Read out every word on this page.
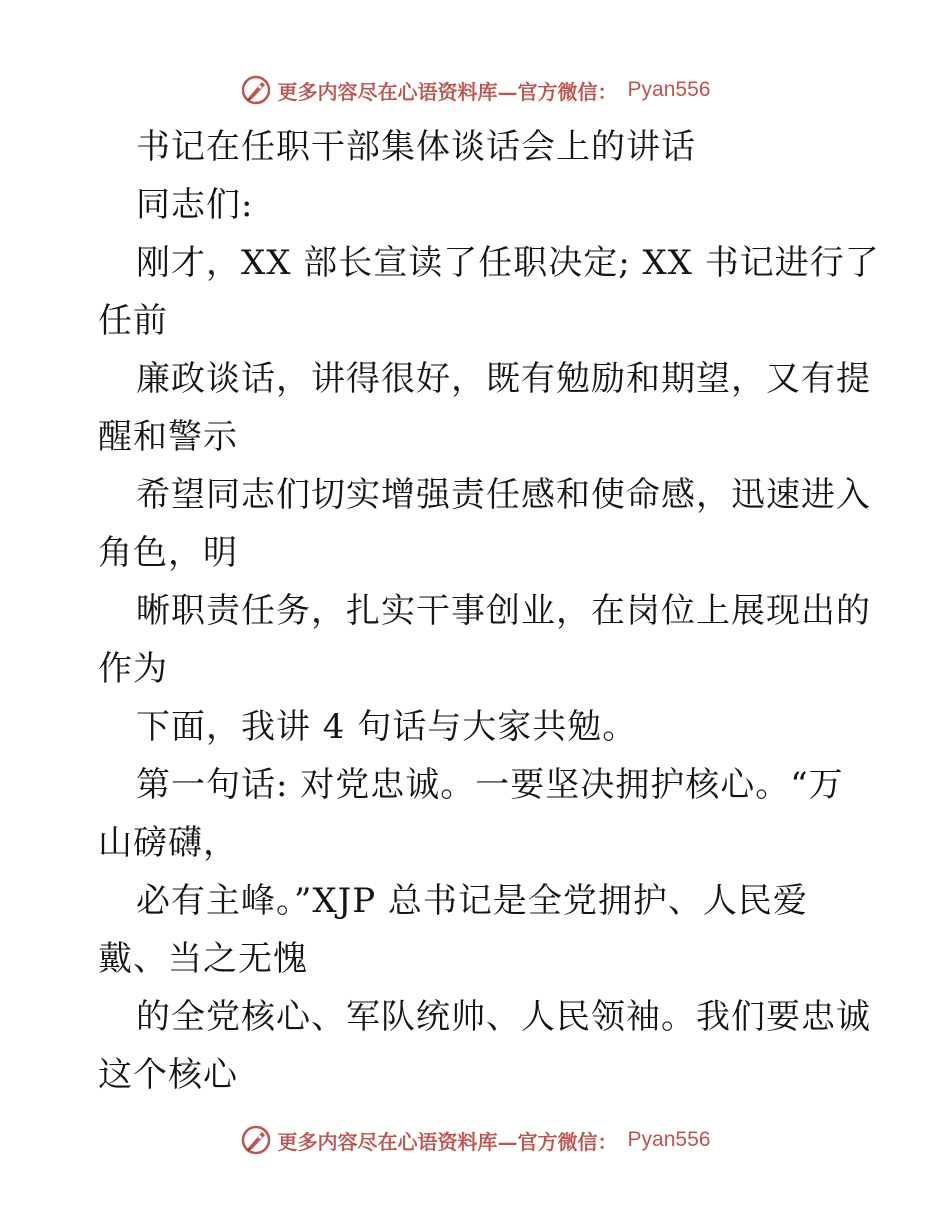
更多内容尽在心语资料库—官方微信： Pyan556
书记在任职干部集体谈话会上的讲话
同志们:
刚才，XX 部长宣读了任职决定; XX 书记进行了
任前
廉政谈话，讲得很好，既有勉励和期望，又有提
醒和警示
希望同志们切实增强责任感和使命感，迅速进入
角色，明
晰职责任务，扎实干事创业，在岗位上展现出的
作为
下面，我讲 4 句话与大家共勉。
第一句话: 对党忠诚。一要坚决拥护核心。“万
山磅礴，
必有主峰。”XJP 总书记是全党拥护、人民爱
戴、当之无愧
的全党核心、军队统帅、人民领袖。我们要忠诚
这个核心
更多内容尽在心语资料库—官方微信： Pyan556
